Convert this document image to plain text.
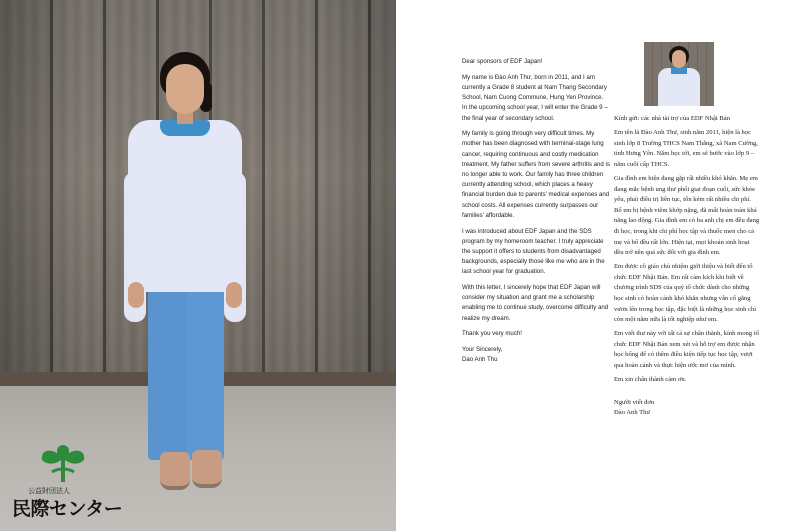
公益財団法人
民際センター

Dear sponsors of EDF Japan!

My name is Đào Anh Thư, born in 2011, and I am currently a Grade 8 student at Nam Thang Secondary School, Nam Cuong Commune, Hung Yen Province. In the upcoming school year, I will enter the Grade 9 – the final year of secondary school.

My family is going through very difficult times. My mother has been diagnosed with terminal-stage lung cancer, requiring continuous and costly medication treatment. My father suffers from severe arthritis and is no longer able to work. Our family has three children currently attending school, which places a heavy financial burden due to parents' medical expenses and school costs. All expenses currently surpasses our families' affordable.

I was introduced about EDF Japan and the SDS program by my homeroom teacher. I truly appreciate the support it offers to students from disadvantaged backgrounds, especially those like me who are in the last school year for graduation.

With this letter, I sincerely hope that EDF Japan will consider my situation and grant me a scholarship enabling me to continue study, overcome difficulty and realize my dream.

Thank you very much!

Your Sincerely,

Dao Anh Thu

Kính gửi: các nhà tài trợ của EDF Nhật Bản

Em tên là Đào Anh Thư, sinh năm 2011, hiện là học sinh lớp 8 Trường THCS Nam Thắng, xã Nam Cường, tỉnh Hưng Yên. Năm học tới, em sẽ bước vào lớp 9 – năm cuối cấp THCS.

Gia đình em hiện đang gặp rất nhiều khó khăn. Mẹ em đang mắc bệnh ung thư phổi giai đoạn cuối, sức khỏe yếu, phải điều trị liên tục, tốn kém rất nhiều chi phí. Bố em bị bệnh viêm khớp nặng, đã mất hoàn toàn khả năng lao động. Gia đình em có ba anh chị em đều đang đi học, trong khi chi phí học tập và thuốc men cho cả mẹ và bố đều rất lớn. Hiện tại, mọi khoản sinh hoạt đều trở nên quá sức đối với gia đình em.

Em được cô giáo chủ nhiệm giới thiệu và biết đến tổ chức EDF Nhật Bản. Em rất cảm kích khi biết về chương trình SDS của quý tổ chức dành cho những học sinh có hoàn cảnh khó khăn nhưng vẫn cố gắng vươn lên trong học tập, đặc biệt là những học sinh chỉ còn một năm nữa là tốt nghiệp như em.

Em viết thư này với tất cả sự chân thành, kính mong tổ chức EDF Nhật Bản xem xét và hỗ trợ em được nhận học bổng để có thêm điều kiện tiếp tục học tập, vượt qua hoàn cảnh và thực hiện ước mơ của mình.

Em xin chân thành cảm ơn.

Người viết đơn

Đào Anh Thư
